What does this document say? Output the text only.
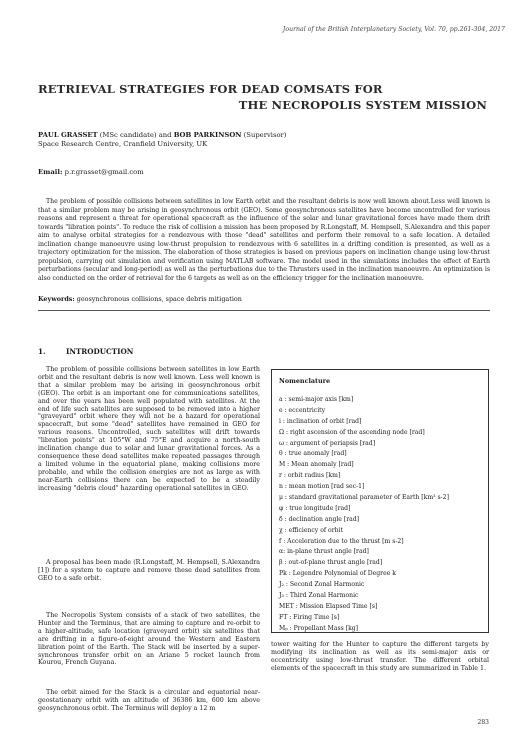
Journal of the British Interplanetary Society, Vol. 70, pp.261-304, 2017
RETRIEVAL STRATEGIES FOR DEAD COMSATS FOR
THE NECROPOLIS SYSTEM MISSION
PAUL GRASSET (MSc candidate) and BOB PARKINSON (Supervisor)
Space Research Centre, Cranfield University, UK
Email: p.r.grasset@gmail.com

The problem of possible collisions between satellites in low Earth orbit and the resultant debris is now well known about.Less well known is that a similar problem may be arising in geosynchronous orbit (GEO). Some geosynchronous satellites have become uncontrolled for various reasons and represent a threat for operational spacecraft as the influence of the solar and lunar gravitational forces have made them drift towards "libration points". To reduce the risk of collision a mission has been proposed by R.Longstaff, M. Hempsell, S.Alexandra and this paper aim to analyse orbital strategies for a rendezvous with those "dead" satellites and perform their removal to a safe location. A detailed inclination change manoeuvre using low-thrust propulsion to rendezvous with 6 satellites in a drifting condition is presented, as well as a trajectory optimization for the mission. The elaboration of those strategies is based on previous papers on inclination change using low-thrust propulsion, carrying out simulation and verification using MATLAB software. The model used in the simulations includes the effect of Earth perturbations (secular and long-period) as well as the perturbations due to the Thrusters used in the inclination manoeuvre. An optimization is also conducted on the order of retrieval for the 6 targets as well as on the efficiency trigger for the inclination manoeuvre.

Keywords: geosynchronous collisions, space debris mitigation
1.	INTRODUCTION

The problem of possible collisions between satellites in low Earth orbit and the resultant debris is now well known. Less well known is that a similar problem may be arising in geosynchronous orbit (GEO). The orbit is an important one for communications satellites, and over the years has been well populated with satellites. At the end of life such satellites are supposed to be removed into a higher "graveyard" orbit where they will not be a hazard for operational spacecraft, but some "dead" satellites have remained in GEO for various reasons. Uncontrolled, such satellites will drift towards "libration points" at 105°W and 75°E and acquire a north-south inclination change due to solar and lunar gravitational forces. As a consequence these dead satellites make repeated passages through a limited volume in the equatorial plane, making collisions more probable, and while the collision energies are not as large as with near-Earth collisions there can be expected to be a steadily increasing "debris cloud" hazarding operational satellites in GEO.

A proposal has been made (R.Longstaff, M. Hempsell, S.Alexandra [1]) for a system to capture and remove these dead satellites from GEO to a safe orbit.

The Necropolis System consists of a stack of two satellites, the Hunter and the Terminus, that are aiming to capture and re-orbit to a higher-altitude, safe location (graveyard orbit) six satellites that are drifting in a figure-of-eight around the Western and Eastern libration point of the Earth. The Stack will be inserted by a super-synchronous transfer orbit on an Ariane 5 rocket launch from Kourou, French Guyana.

The orbit aimed for the Stack is a circular and equatorial near-geostationary orbit with an altitude of 36386 km, 600 km above geosynchronous orbit. The Terminus will deploy a 12 m

Nomenclature
a : semi-major axis [km]
e : eccentricity
i : inclination of orbit [rad]
Ω : right ascension of the ascending node [rad]
ω : argument of periapsis [rad]
θ : true anomaly [rad]
M : Mean anomaly [rad]
r : orbit radius [km]
n : mean motion [rad sec-1]
μ : standard gravitational parameter of Earth [km³ s-2]
φ : true longitude [rad]
δ : declination angle [rad]
χ : efficiency of orbit
f : Acceleration due to the thrust [m s-2]
α: in-plane thrust angle [rad]
β : out-of-plane thrust angle [rad]
Pk : Legendre Polynomial of Degree k
J₂ : Second Zonal Harmonic
J₃ : Third Zonal Harmonic
MET : Mission Elapsed Time [s]
FT : Firing Time [s]
Mₚ : Propellant Mass [kg]

tower waiting for the Hunter to capture the different targets by modifying its inclination as well as its semi-major axis or eccentricity using low-thrust transfer. The different orbital elements of the spacecraft in this study are summarized in Table 1.

283
